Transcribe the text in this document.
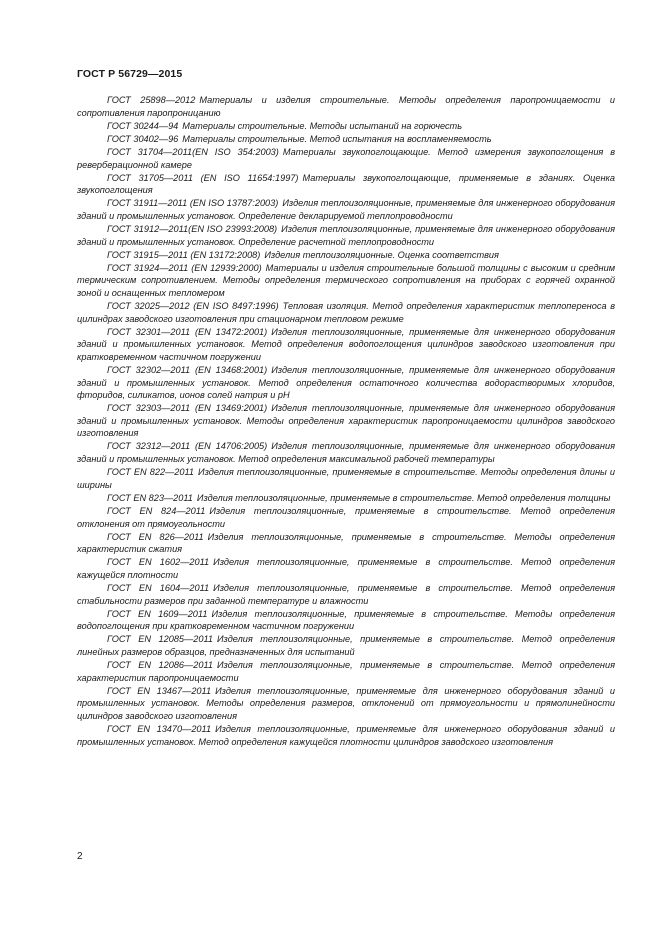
ГОСТ Р 56729—2015

ГОСТ 25898—2012 Материалы и изделия строительные. Методы определения паропроницаемости и сопротивления паропроницанию

ГОСТ 30244—94 Материалы строительные. Методы испытаний на горючесть

ГОСТ 30402—96 Материалы строительные. Метод испытания на воспламеняемость

ГОСТ 31704—2011(EN ISO 354:2003) Материалы звукопоглощающие. Метод измерения звукопоглощения в реверберационной камере

ГОСТ 31705—2011 (EN ISO 11654:1997) Материалы звукопоглощающие, применяемые в зданиях. Оценка звукопоглощения

ГОСТ 31911—2011 (EN ISO 13787:2003) Изделия теплоизоляционные, применяемые для инженерного оборудования зданий и промышленных установок. Определение декларируемой теплопроводности

ГОСТ 31912—2011(EN ISO 23993:2008) Изделия теплоизоляционные, применяемые для инженерного оборудования зданий и промышленных установок. Определение расчетной теплопроводности

ГОСТ 31915—2011 (EN 13172:2008) Изделия теплоизоляционные. Оценка соответствия

ГОСТ 31924—2011 (EN 12939:2000) Материалы и изделия строительные большой толщины с высоким и средним термическим сопротивлением. Методы определения термического сопротивления на приборах с горячей охранной зоной и оснащенных тепломером

ГОСТ 32025—2012 (EN ISO 8497:1996) Тепловая изоляция. Метод определения характеристик теплопереноса в цилиндрах заводского изготовления при стационарном тепловом режиме

ГОСТ 32301—2011 (EN 13472:2001) Изделия теплоизоляционные, применяемые для инженерного оборудования зданий и промышленных установок. Метод определения водопоглощения цилиндров заводского изготовления при кратковременном частичном погружении

ГОСТ 32302—2011 (EN 13468:2001) Изделия теплоизоляционные, применяемые для инженерного оборудования зданий и промышленных установок. Метод определения остаточного количества водорастворимых хлоридов, фторидов, силикатов, ионов солей натрия и pH

ГОСТ 32303—2011 (EN 13469:2001) Изделия теплоизоляционные, применяемые для инженерного оборудования зданий и промышленных установок. Методы определения характеристик паропроницаемости цилиндров заводского изготовления

ГОСТ 32312—2011 (EN 14706:2005) Изделия теплоизоляционные, применяемые для инженерного оборудования зданий и промышленных установок. Метод определения максимальной рабочей температуры

ГОСТ EN 822—2011 Изделия теплоизоляционные, применяемые в строительстве. Методы определения длины и ширины

ГОСТ EN 823—2011 Изделия теплоизоляционные, применяемые в строительстве. Метод определения толщины

ГОСТ EN 824—2011 Изделия теплоизоляционные, применяемые в строительстве. Метод определения отклонения от прямоугольности

ГОСТ EN 826—2011 Изделия теплоизоляционные, применяемые в строительстве. Методы определения характеристик сжатия

ГОСТ EN 1602—2011 Изделия теплоизоляционные, применяемые в строительстве. Метод определения кажущейся плотности

ГОСТ EN 1604—2011 Изделия теплоизоляционные, применяемые в строительстве. Метод определения стабильности размеров при заданной температуре и влажности

ГОСТ EN 1609—2011 Изделия теплоизоляционные, применяемые в строительстве. Методы определения водопоглощения при кратковременном частичном погружении

ГОСТ EN 12085—2011 Изделия теплоизоляционные, применяемые в строительстве. Метод определения линейных размеров образцов, предназначенных для испытаний

ГОСТ EN 12086—2011 Изделия теплоизоляционные, применяемые в строительстве. Метод определения характеристик паропроницаемости

ГОСТ EN 13467—2011 Изделия теплоизоляционные, применяемые для инженерного оборудования зданий и промышленных установок. Методы определения размеров, отклонений от прямоугольности и прямолинейности цилиндров заводского изготовления

ГОСТ EN 13470—2011 Изделия теплоизоляционные, применяемые для инженерного оборудования зданий и промышленных установок. Метод определения кажущейся плотности цилиндров заводского изготовления

2
